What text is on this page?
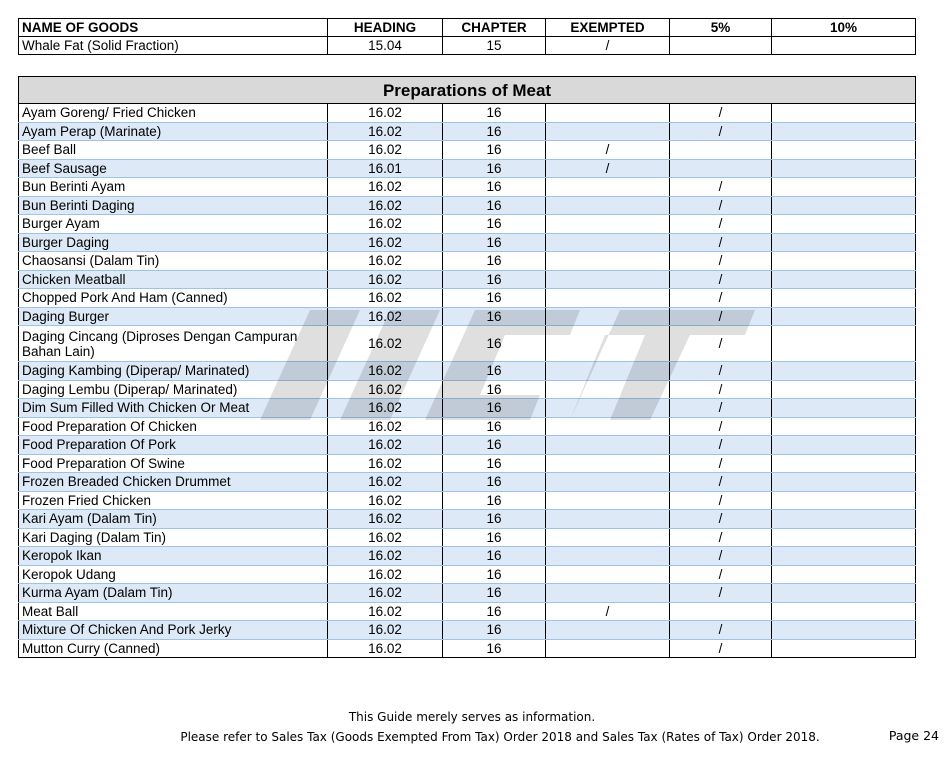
NAME OF GOODS	HEADING	CHAPTER	EXEMPTED	5%	10%
Whale Fat (Solid Fraction)	15.04	15	/		
Preparations of Meat					
Ayam Goreng/ Fried Chicken	16.02	16		/	
Ayam Perap (Marinate)	16.02	16		/	
Beef Ball	16.02	16	/		
Beef Sausage	16.01	16	/		
Bun Berinti Ayam	16.02	16		/	
Bun Berinti Daging	16.02	16		/	
Burger Ayam	16.02	16		/	
Burger Daging	16.02	16		/	
Chaosansi (Dalam Tin)	16.02	16		/	
Chicken Meatball	16.02	16		/	
Chopped Pork And Ham (Canned)	16.02	16		/	
Daging Burger	16.02	16		/	
Daging Cincang (Diproses Dengan Campuran Bahan Lain)	16.02	16		/	
Daging Kambing (Diperap/ Marinated)	16.02	16		/	
Daging Lembu (Diperap/ Marinated)	16.02	16		/	
Dim Sum Filled With Chicken Or Meat	16.02	16		/	
Food Preparation Of Chicken	16.02	16		/	
Food Preparation Of Pork	16.02	16		/	
Food Preparation Of Swine	16.02	16		/	
Frozen Breaded Chicken Drummet	16.02	16		/	
Frozen Fried Chicken	16.02	16		/	
Kari Ayam (Dalam Tin)	16.02	16		/	
Kari Daging (Dalam Tin)	16.02	16		/	
Keropok Ikan	16.02	16		/	
Keropok Udang	16.02	16		/	
Kurma Ayam (Dalam Tin)	16.02	16		/	
Meat Ball	16.02	16	/		
Mixture Of Chicken And Pork Jerky	16.02	16		/	
Mutton Curry (Canned)	16.02	16		/	
This Guide merely serves as information.
Please refer to Sales Tax (Goods Exempted From Tax) Order 2018 and Sales Tax (Rates of Tax) Order 2018.	Page 24
